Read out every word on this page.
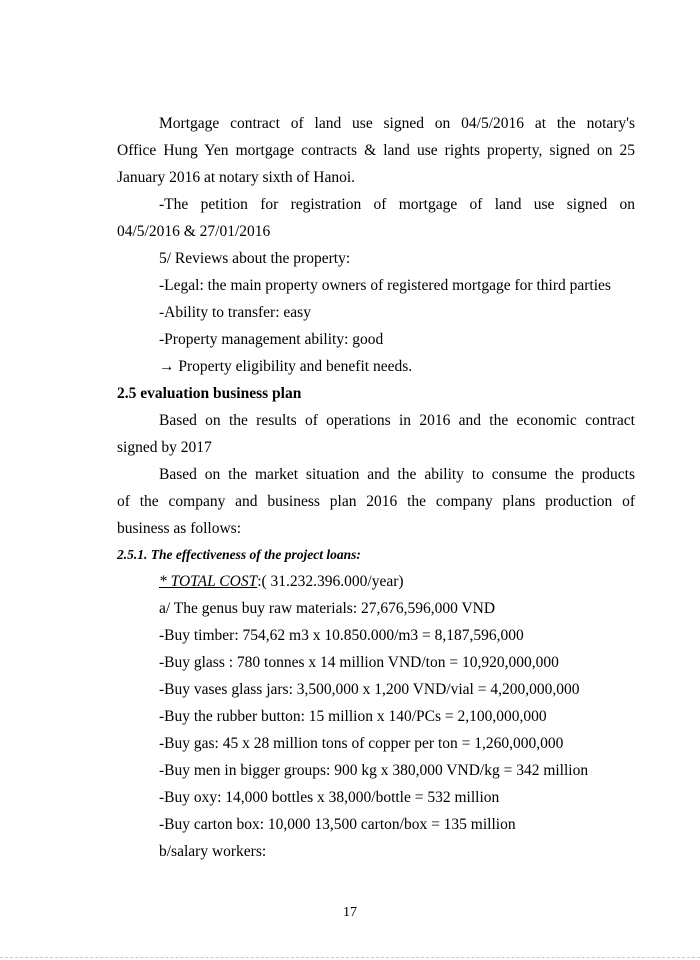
Mortgage contract of land use signed on 04/5/2016 at the notary's
Office Hung Yen mortgage contracts & land use rights property, signed on 25
January 2016 at notary sixth of Hanoi.
-The petition for registration of mortgage of land use signed on
04/5/2016 & 27/01/2016
5/ Reviews about the property:
-Legal: the main property owners of registered mortgage for third parties
-Ability to transfer: easy
-Property management ability: good
→ Property eligibility and benefit needs.
2.5 evaluation business plan
Based on the results of operations in 2016 and the economic contract
signed by 2017
Based on the market situation and the ability to consume the products
of the company and business plan 2016 the company plans production of
business as follows:
2.5.1. The effectiveness of the project loans:
* TOTAL COST:( 31.232.396.000/year)
a/ The genus buy raw materials: 27,676,596,000 VND
-Buy timber: 754,62 m3 x 10.850.000/m3 = 8,187,596,000
-Buy glass : 780 tonnes x 14 million VND/ton = 10,920,000,000
-Buy vases glass jars: 3,500,000 x 1,200 VND/vial = 4,200,000,000
-Buy the rubber button: 15 million x 140/PCs = 2,100,000,000
-Buy gas: 45 x 28 million tons of copper per ton = 1,260,000,000
-Buy men in bigger groups: 900 kg x 380,000 VND/kg = 342 million
-Buy oxy: 14,000 bottles x 38,000/bottle = 532 million
-Buy carton box: 10,000 13,500 carton/box = 135 million
b/salary workers:
17
